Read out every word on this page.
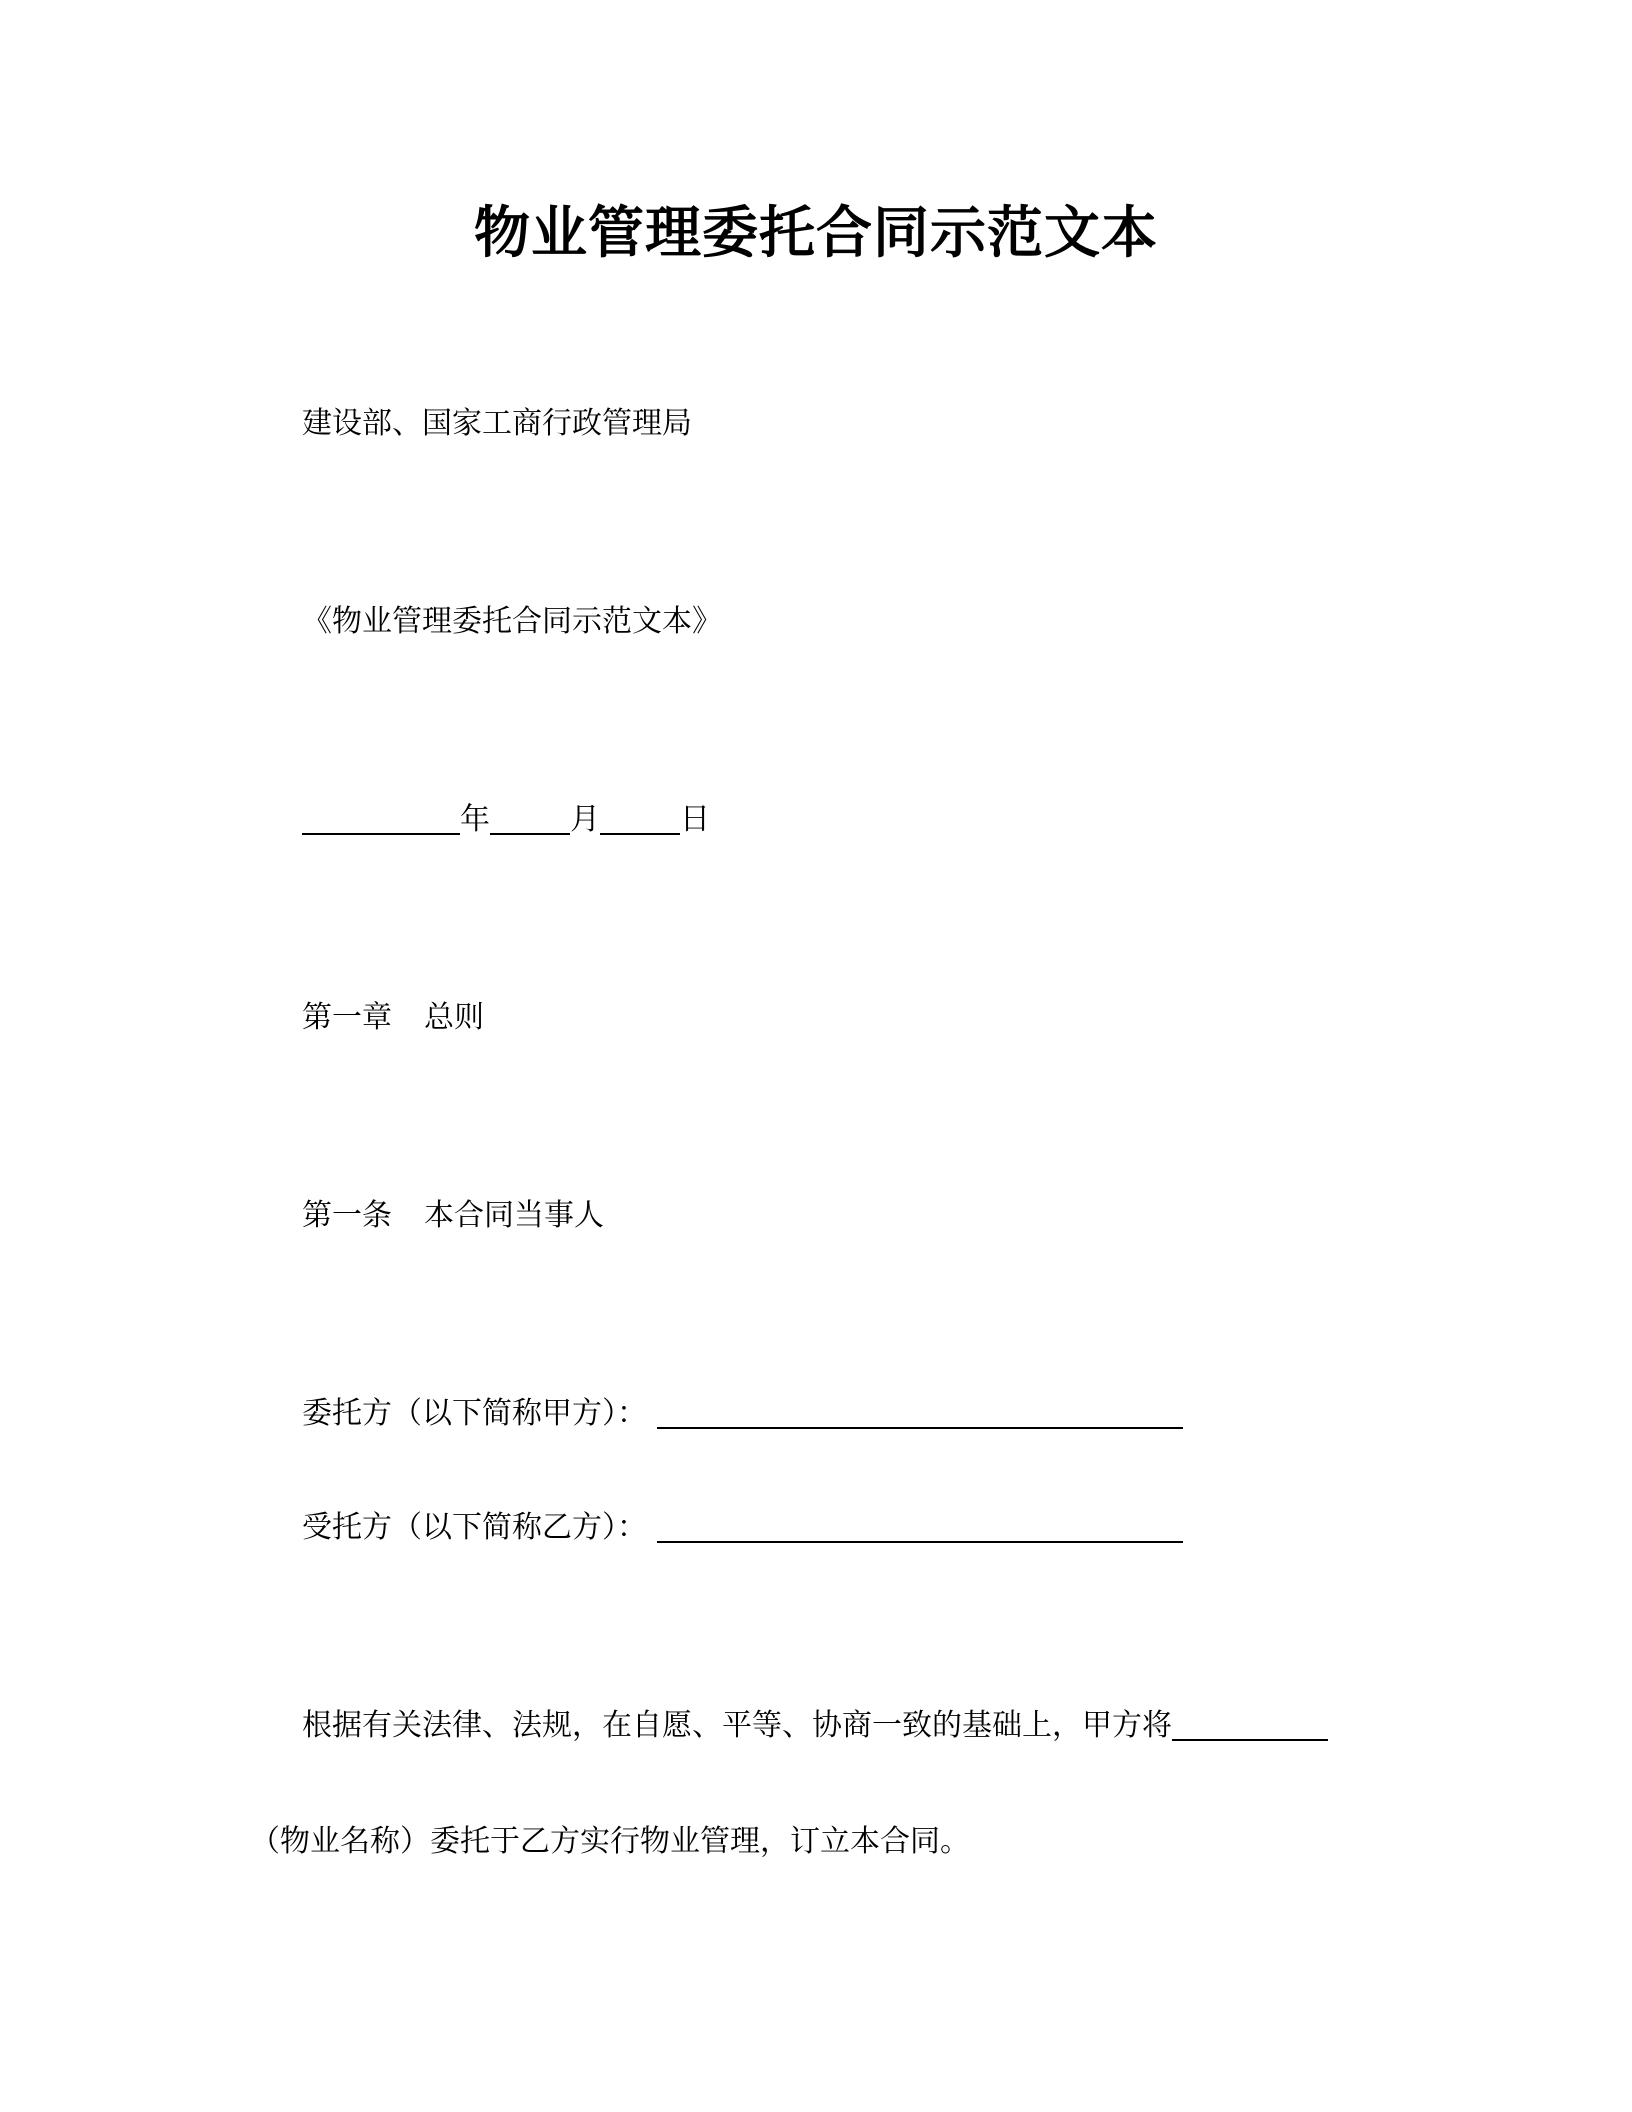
物业管理委托合同示范文本
建设部、国家工商行政管理局
《物业管理委托合同示范文本》
年	月	日
第一章 总则
第一条 本合同当事人
委托方（以下简称甲方）：
受托方（以下简称乙方）：
根据有关法律、法规，在自愿、平等、协商一致的基础上，甲方将
（物业名称）委托于乙方实行物业管理，订立本合同。
